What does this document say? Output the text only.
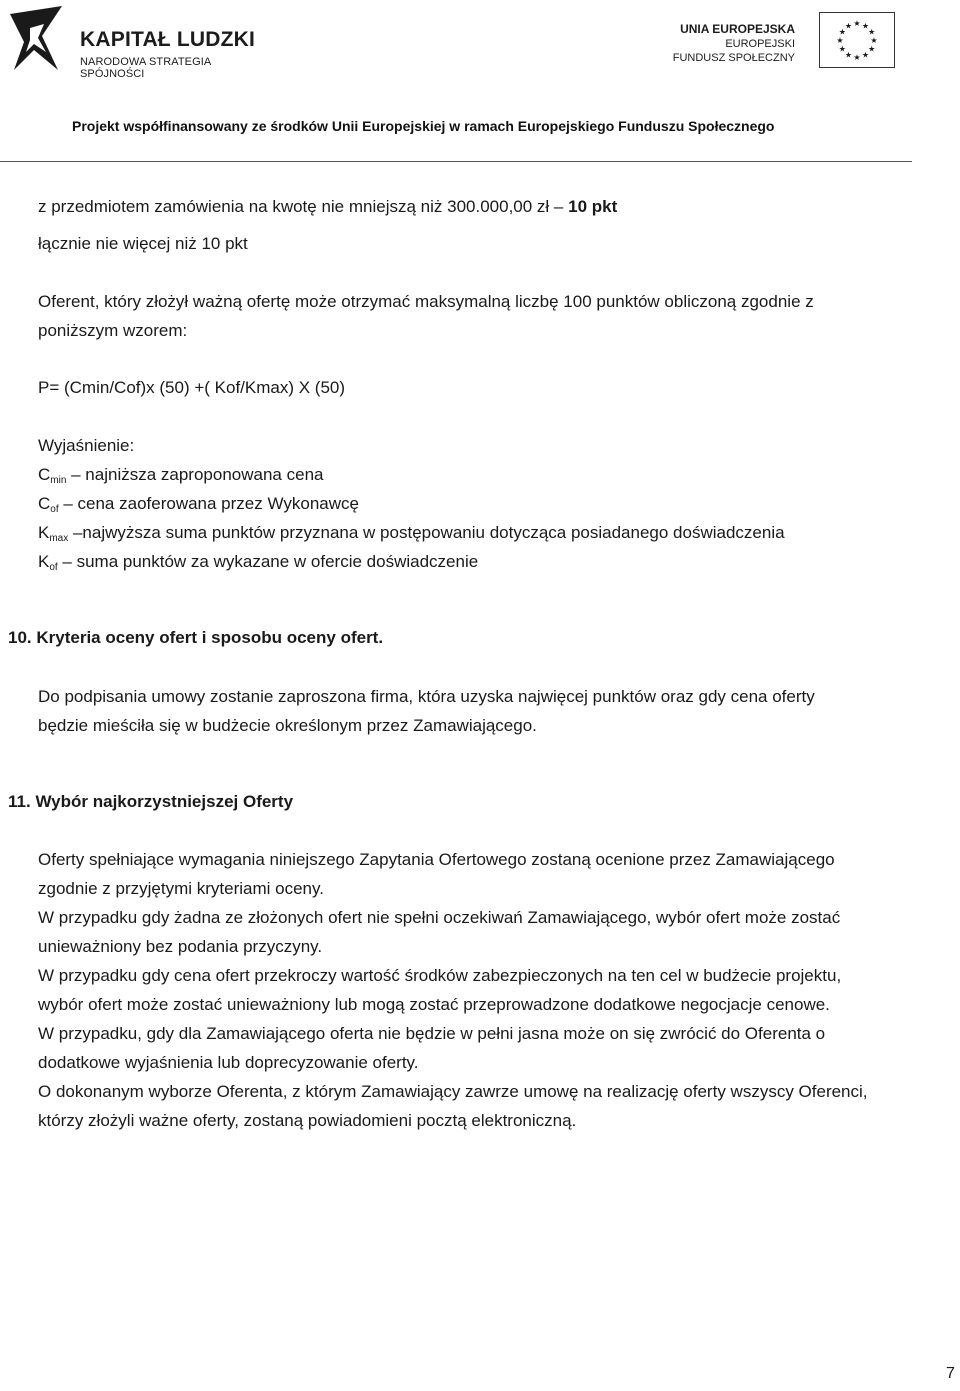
KAPITAŁ LUDZKI
NARODOWA STRATEGIA SPÓJNOŚCI
UNIA EUROPEJSKA
EUROPEJSKI
FUNDUSZ SPOŁECZNY
★
★
★
★
★
★
★
★
★ ★ ★
★
Projekt współfinansowany ze środków Unii Europejskiej w ramach Europejskiego Funduszu Społecznego
z przedmiotem zamówienia na kwotę nie mniejszą niż 300.000,00 zł – 10 pkt
łącznie nie więcej niż 10 pkt
Oferent, który złożył ważną ofertę może otrzymać maksymalną liczbę 100 punktów obliczoną zgodnie z
poniższym wzorem:
P= (Cmin/Cof)x (50) +( Kof/Kmax) X (50)
Wyjaśnienie:
$C_{min}$ – najniższa zaproponowana cena
$C_{of}$ – cena zaoferowana przez Wykonawcę
$K_{max}$ –najwyższa suma punktów przyznana w postępowaniu dotycząca posiadanego doświadczenia
$K_{of}$ – suma punktów za wykazane w ofercie doświadczenie
10. Kryteria oceny ofert i sposobu oceny ofert.
Do podpisania umowy zostanie zaproszona firma, która uzyska najwięcej punktów oraz gdy cena oferty
będzie mieściła się w budżecie określonym przez Zamawiającego.
11. Wybór najkorzystniejszej Oferty
Oferty spełniające wymagania niniejszego Zapytania Ofertowego zostaną ocenione przez Zamawiającego
zgodnie z przyjętymi kryteriami oceny.
W przypadku gdy żadna ze złożonych ofert nie spełni oczekiwań Zamawiającego, wybór ofert może zostać
unieważniony bez podania przyczyny.
W przypadku gdy cena ofert przekroczy wartość środków zabezpieczonych na ten cel w budżecie projektu,
wybór ofert może zostać unieważniony lub mogą zostać przeprowadzone dodatkowe negocjacje cenowe.
W przypadku, gdy dla Zamawiającego oferta nie będzie w pełni jasna może on się zwrócić do Oferenta o
dodatkowe wyjaśnienia lub doprecyzowanie oferty.
O dokonanym wyborze Oferenta, z którym Zamawiający zawrze umowę na realizację oferty wszyscy Oferenci,
którzy złożyli ważne oferty, zostaną powiadomieni pocztą elektroniczną.
7
